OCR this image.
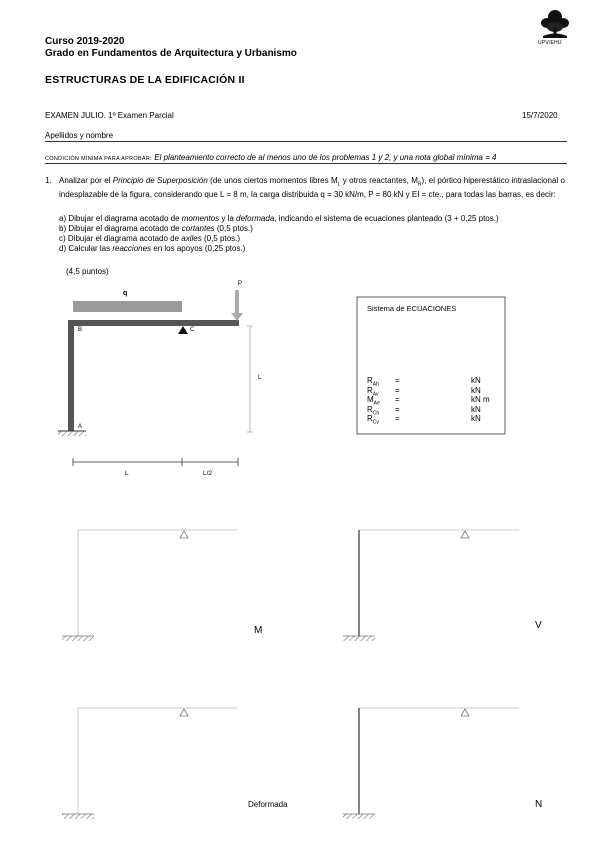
Curso 2019-2020
Grado en Fundamentos de Arquitectura y Urbanismo
ESTRUCTURAS DE LA EDIFICACIÓN II
UPV/EHU
EXAMEN JULIO. 1º Examen Parcial	15/7/2020
Apellidos y nombre
CONDICIÓN MÍNIMA PARA APROBAR: El planteamiento correcto de al menos uno de los problemas 1 y 2, y una nota global mínima = 4
1. Analizar por el Principio de Superposición (de unos ciertos momentos libres $M_L$ y otros reactantes, $M_R$), el pórtico hiperestático intraslacional o indesplazable de la figura, considerando que L = 8 m, la carga distribuida q = 30 kN/m, P = 80 kN y EI = cte., para todas las barras, es decir:
a) Dibujar el diagrama acotado de momentos y la deformada, indicando el sistema de ecuaciones planteado (3 + 0,25 ptos.)
b) Dibujar el diagrama acotado de cortantes (0,5 ptos.)
c) Dibujar el diagrama acotado de axiles (0,5 ptos.)
d) Calcular las reacciones en los apoyos (0,25 ptos.)
(4,5 puntos)
q
P
B	C
A
L
L	L/2
Sistema de ECUACIONES
$R_{Ah}$ =	kN
$R_{Av}$ =	kN
$M_{Ae}$ =	kN m
$R_{Ch}$ =	kN
$R_{Cv}$ =	kN
M	V
Deformada	N
